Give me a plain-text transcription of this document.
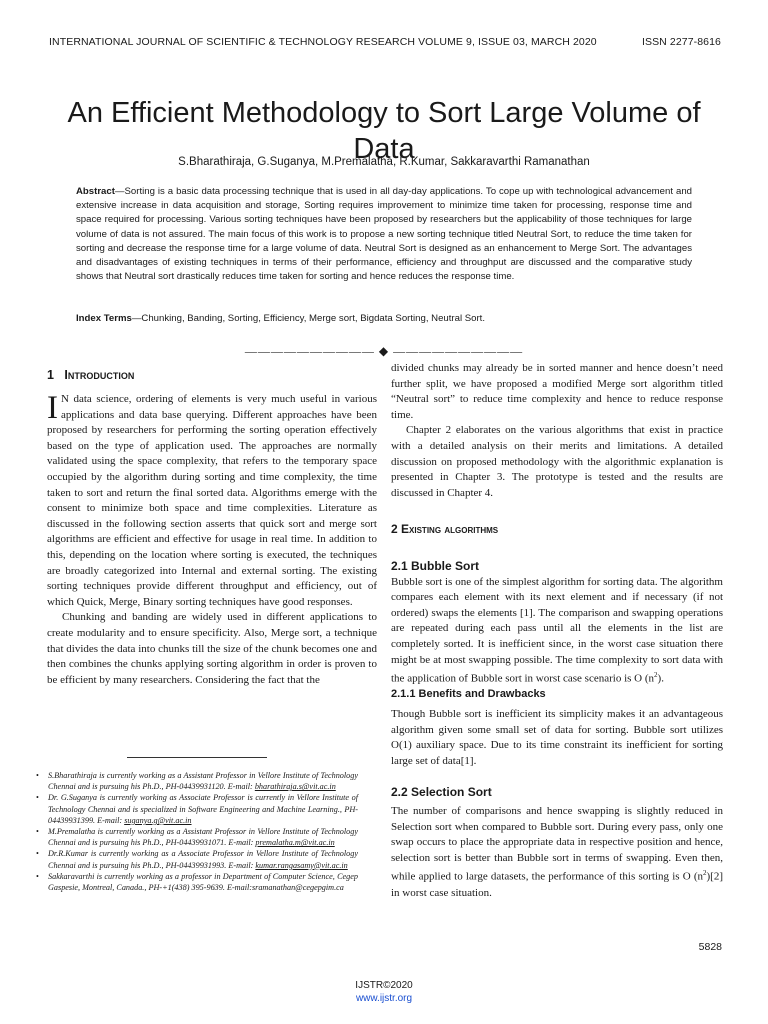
INTERNATIONAL JOURNAL OF SCIENTIFIC & TECHNOLOGY RESEARCH VOLUME 9, ISSUE 03, MARCH 2020	ISSN 2277-8616
An Efficient Methodology to Sort Large Volume of Data
S.Bharathiraja, G.Suganya, M.Premalatha, R.Kumar, Sakkaravarthi Ramanathan
Abstract—Sorting is a basic data processing technique that is used in all day-day applications. To cope up with technological advancement and extensive increase in data acquisition and storage, Sorting requires improvement to minimize time taken for processing, response time and space required for processing. Various sorting techniques have been proposed by researchers but the applicability of those techniques for large volume of data is not assured. The main focus of this work is to propose a new sorting technique titled Neutral Sort, to reduce the time taken for sorting and decrease the response time for a large volume of data. Neutral Sort is designed as an enhancement to Merge Sort. The advantages and disadvantages of existing techniques in terms of their performance, efficiency and throughput are discussed and the comparative study shows that Neutral sort drastically reduces time taken for sorting and hence reduces the response time.
Index Terms—Chunking, Banding, Sorting, Efficiency, Merge sort, Bigdata Sorting, Neutral Sort.
—————————— ◆ ——————————
1 Introduction

I N data science, ordering of elements is very much useful in various applications and data base querying. Different approaches have been proposed by researchers for performing the sorting operation effectively based on the type of application used. The approaches are normally validated using the space complexity, that refers to the temporary space occupied by the algorithm during sorting and time complexity, the time taken to sort and return the final sorted data. Algorithms emerge with the consent to minimize both space and time complexities. Literature as discussed in the following section asserts that quick sort and merge sort algorithms are efficient and effective for usage in real time. In addition to this, depending on the location where sorting is executed, the techniques are broadly categorized into Internal and external sorting. The existing sorting techniques provide different throughput and efficiency, out of which Quick, Merge, Binary sorting techniques have good responses.

Chunking and banding are widely used in different applications to create modularity and to ensure specificity. Also, Merge sort, a technique that divides the data into chunks till the size of the chunk becomes one and then combines the chunks applying sorting algorithm in order is proven to be efficient by many researchers. Considering the fact that the

• S.Bharathiraja is currently working as a Assistant Professor in Vellore Institute of Technology Chennai and is pursuing his Ph.D., PH-04439931120. E-mail: bharathiraja.s@vit.ac.in
• Dr. G.Suganya is currently working as Associate Professor is currently in Vellore Institute of Technology Chennai and is specialized in Software Engineering and Machine Learning., PH-04439931399. E-mail: suganya.g@vit.ac.in
• M.Premalatha is currently working as a Assistant Professor in Vellore Institute of Technology Chennai and is pursuing his Ph.D., PH-04439931071. E-mail: premalatha.m@vit.ac.in
• Dr.R.Kumar is currently working as a Associate Professor in Vellore Institute of Technology Chennai and is pursuing his Ph.D., PH-04439931993. E-mail: kumar.rangasamy@vit.ac.in
• Sakkaravarthi is currently working as a professor in Department of Computer Science, Cegep Gaspesie, Montreal, Canada., PH-+1(438) 395-9639. E-mail:sramanathan@cegepgim.ca

divided chunks may already be in sorted manner and hence doesn’t need further split, we have proposed a modified Merge sort algorithm titled “Neutral sort” to reduce time complexity and hence to reduce response time.

Chapter 2 elaborates on the various algorithms that exist in practice with a detailed analysis on their merits and limitations. A detailed discussion on proposed methodology with the algorithmic explanation is presented in Chapter 3. The prototype is tested and the results are discussed in Chapter 4.

2 Existing algorithms
2.1 Bubble Sort

Bubble sort is one of the simplest algorithm for sorting data. The algorithm compares each element with its next element and if necessary (if not ordered) swaps the elements [1]. The comparison and swapping operations are repeated during each pass until all the elements in the list are completely sorted. It is inefficient since, in the worst case situation there might be at most swapping possible. The time complexity to sort data with the application of Bubble sort in worst case scenario is O $(n^2)$.

2.1.1 Benefits and Drawbacks

Though Bubble sort is inefficient its simplicity makes it an advantageous algorithm given some small set of data for sorting. Bubble sort utilizes O(1) auxiliary space. Due to its time constraint its inefficient for sorting large set of data[1].

2.2 Selection Sort

The number of comparisons and hence swapping is slightly reduced in Selection sort when compared to Bubble sort. During every pass, only one swap occurs to place the appropriate data in respective position and hence, selection sort is better than Bubble sort in terms of swapping. Even then, while applied to large datasets, the performance of this sorting is O $(n^2)[2]$ in worst case situation.

5828
IJSTR©2020
www.ijstr.org
